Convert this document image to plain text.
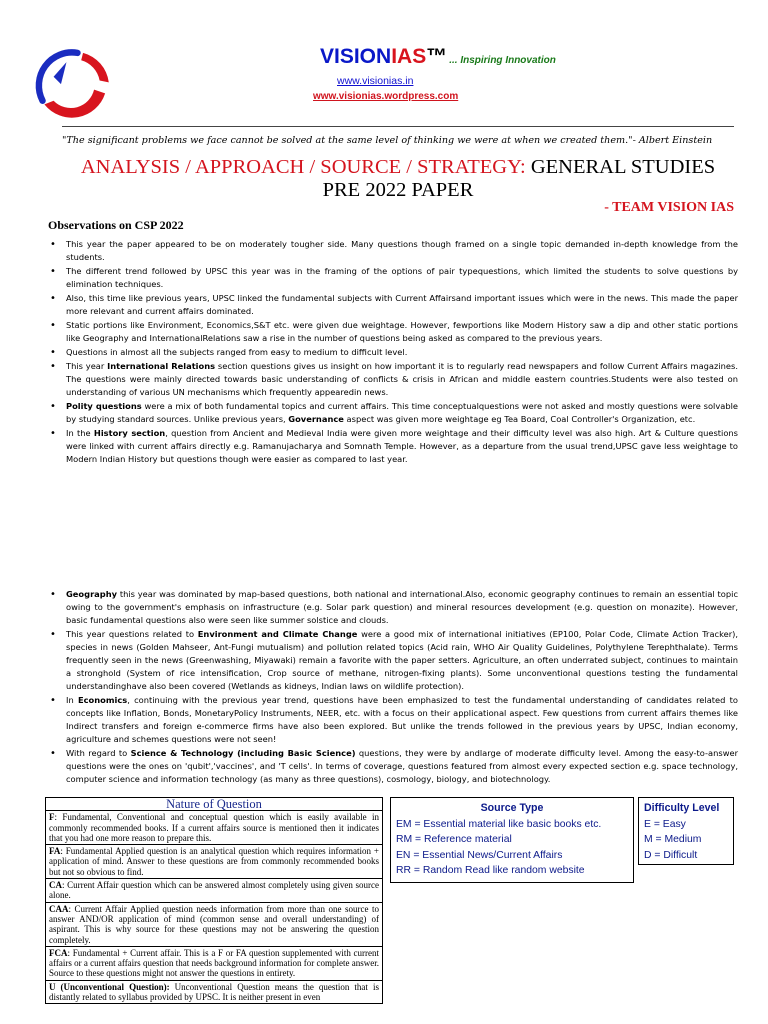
VISIONIAS™ ... Inspiring Innovation
www.visionias.in
www.visionias.wordpress.com
"The significant problems we face cannot be solved at the same level of thinking we were at when we created them."- Albert Einstein
ANALYSIS / APPROACH / SOURCE / STRATEGY: GENERAL STUDIES
PRE 2022 PAPER
- TEAM VISION IAS
Observations on CSP 2022
• This year the paper appeared to be on moderately tougher side. Many questions though framed on a single topic demanded in-depth knowledge from the students.
• The different trend followed by UPSC this year was in the framing of the options of pair typequestions, which limited the students to solve questions by elimination techniques.
• Also, this time like previous years, UPSC linked the fundamental subjects with Current Affairsand important issues which were in the news. This made the paper more relevant and current affairs dominated.
• Static portions like Environment, Economics,S&T etc. were given due weightage. However, fewportions like Modern History saw a dip and other static portions like Geography and InternationalRelations saw a rise in the number of questions being asked as compared to the previous years.
• Questions in almost all the subjects ranged from easy to medium to difficult level.
• This year International Relations section questions gives us insight on how important it is to regularly read newspapers and follow Current Affairs magazines. The questions were mainly directed towards basic understanding of conflicts & crisis in African and middle eastern countries.Students were also tested on understanding of various UN mechanisms which frequently appearedin news.
• Polity questions were a mix of both fundamental topics and current affairs. This time conceptualquestions were not asked and mostly questions were solvable by studying standard sources. Unlike previous years, Governance aspect was given more weightage eg Tea Board, Coal Controller's Organization, etc.
• In the History section, question from Ancient and Medieval India were given more weightage and their difficulty level was also high. Art & Culture questions were linked with current affairs directly e.g. Ramanujacharya and Somnath Temple. However, as a departure from the usual trend,UPSC gave less weightage to Modern Indian History but questions though were easier as compared to last year.
• Geography this year was dominated by map-based questions, both national and international.Also, economic geography continues to remain an essential topic owing to the government's emphasis on infrastructure (e.g. Solar park question) and mineral resources development (e.g. question on monazite). However, basic fundamental questions also were seen like summer solstice and clouds.
• This year questions related to Environment and Climate Change were a good mix of international initiatives (EP100, Polar Code, Climate Action Tracker), species in news (Golden Mahseer, Ant-Fungi mutualism) and pollution related topics (Acid rain, WHO Air Quality Guidelines, Polythylene Terephthalate). Terms frequently seen in the news (Greenwashing, Miyawaki) remain a favorite with the paper setters. Agriculture, an often underrated subject, continues to maintain a stronghold (System of rice intensification, Crop source of methane, nitrogen-fixing plants). Some unconventional questions testing the fundamental understandinghave also been covered (Wetlands as kidneys, Indian laws on wildlife protection).
• In Economics, continuing with the previous year trend, questions have been emphasized to test the fundamental understanding of candidates related to concepts like Inflation, Bonds, MonetaryPolicy Instruments, NEER, etc. with a focus on their applicational aspect. Few questions from current affairs themes like Indirect transfers and foreign e-commerce firms have also been explored. But unlike the trends followed in the previous years by UPSC, Indian economy, agriculture and schemes questions were not seen!
• With regard to Science & Technology (including Basic Science) questions, they were by andlarge of moderate difficulty level. Among the easy-to-answer questions were the ones on 'qubit','vaccines', and 'T cells'. In terms of coverage, questions featured from almost every expected section e.g. space technology, computer science and information technology (as many as three questions), cosmology, biology, and biotechnology.
Nature of Question
F: Fundamental, Conventional and conceptual question which is easily available in commonly recommended books. If a current affairs source is mentioned then it indicates that you had one more reason to prepare this.
FA: Fundamental Applied question is an analytical question which requires information + application of mind. Answer to these questions are from commonly recommended books but not so obvious to find.
CA: Current Affair question which can be answered almost completely using given source alone.
CAA: Current Affair Applied question needs information from more than one source to answer AND/OR application of mind (common sense and overall understanding) of aspirant. This is why source for these questions may not be answering the question completely.
FCA: Fundamental + Current affair. This is a F or FA question supplemented with current affairs or a current affairs question that needs background information for complete answer. Source to these questions might not answer the questions in entirety.
U (Unconventional Question): Unconventional Question means the question that is distantly related to syllabus provided by UPSC. It is neither present in even
Source Type
EM = Essential material like basic books etc.
RM = Reference material
EN = Essential News/Current Affairs
RR = Random Read like random website
Difficulty Level
E = Easy
M = Medium
D = Difficult
